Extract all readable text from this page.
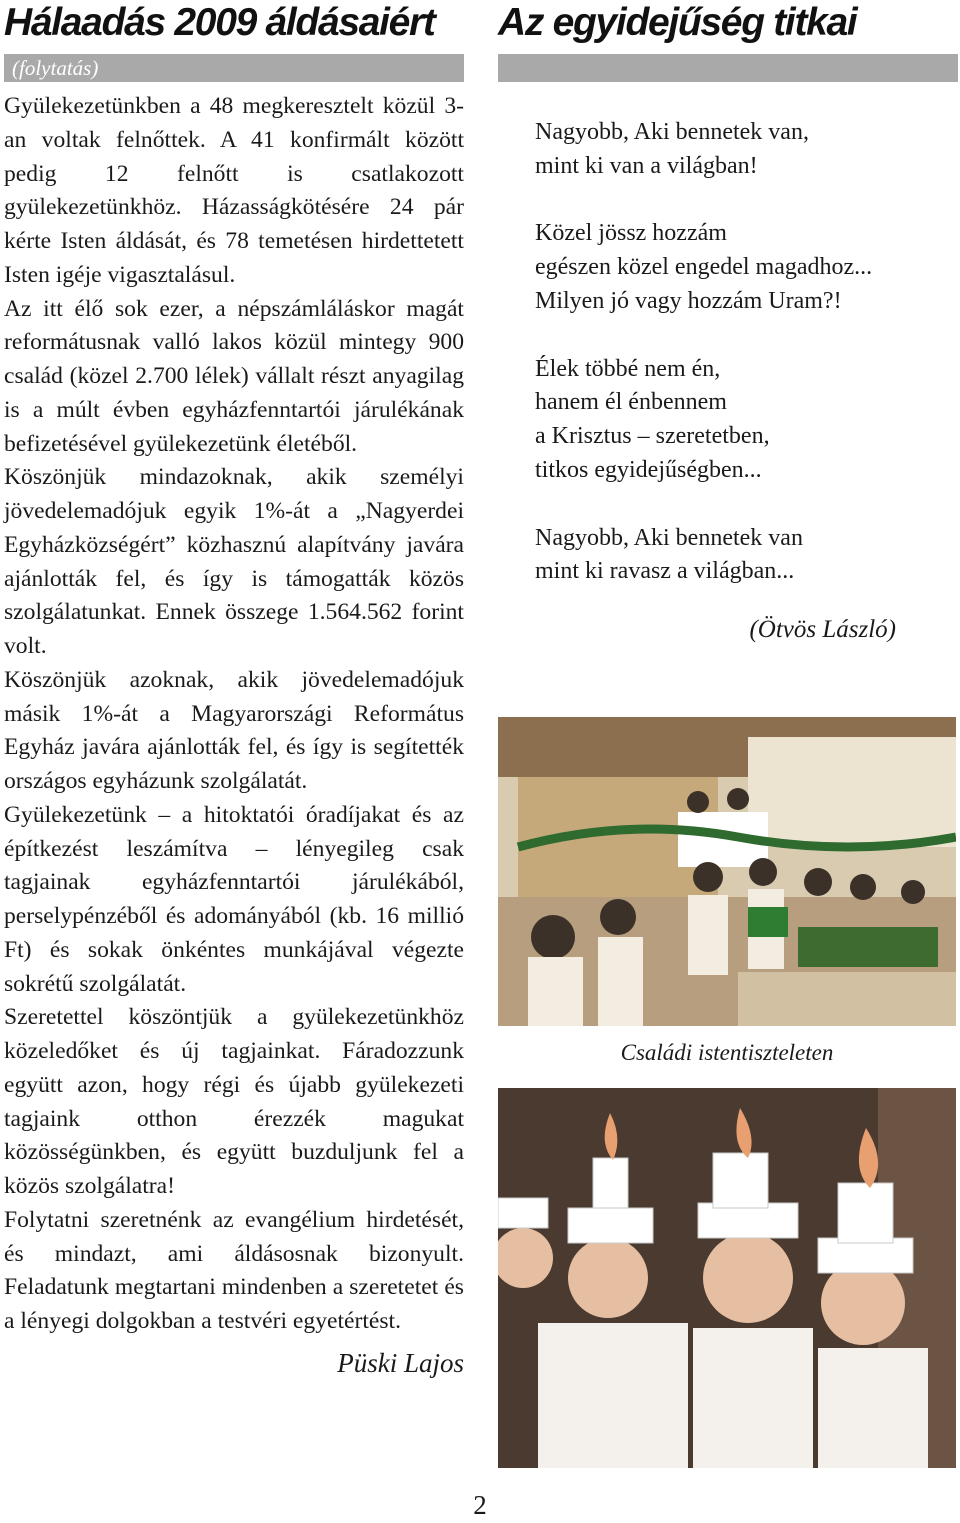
Hálaadás 2009 áldásaiért
(folytatás)

Gyülekezetünkben a 48 megkeresztelt közül 3-an voltak felnőttek. A 41 konfirmált között pedig 12 felnőtt is csatlakozott gyülekezetünkhöz. Házasságkötésére 24 pár kérte Isten áldását, és 78 temetésen hirdettetett Isten igéje vigasztalásul.

Az itt élő sok ezer, a népszámláláskor magát reformátusnak valló lakos közül mintegy 900 család (közel 2.700 lélek) vállalt részt anyagilag is a múlt évben egyházfenntartói járulékának befizetésével gyülekezetünk életéből.

Köszönjük mindazoknak, akik személyi jövedelemadójuk egyik 1%-át a „Nagyerdei Egyházközségért” közhasznú alapítvány javára ajánlották fel, és így is támogatták közös szolgálatunkat. Ennek összege 1.564.562 forint volt.

Köszönjük azoknak, akik jövedelemadójuk másik 1%-át a Magyarországi Református Egyház javára ajánlották fel, és így is segítették országos egyházunk szolgálatát.

Gyülekezetünk – a hitoktatói óradíjakat és az építkezést leszámítva – lényegileg csak tagjainak egyházfenntartói járulékából, perselypénzéből és adományából (kb. 16 millió Ft) és sokak önkéntes munkájával végezte sokrétű szolgálatát.

Szeretettel köszöntjük a gyülekezetünkhöz közeledőket és új tagjainkat. Fáradozzunk együtt azon, hogy régi és újabb gyülekezeti tagjaink otthon érezzék magukat közösségünkben, és együtt buzduljunk fel a közös szolgálatra!

Folytatni szeretnénk az evangélium hirdetését, és mindazt, ami áldásosnak bizonyult. Feladatunk megtartani mindenben a szeretetet és a lényegi dolgokban a testvéri egyetértést.

Püski Lajos
Az egyidejűség titkai
Nagyobb, Aki bennetek van,
mint ki van a világban!
Közel jössz hozzám
egészen közel engedel magadhoz...
Milyen jó vagy hozzám Uram?!
Élek többé nem én,
hanem él énbennem
a Krisztus – szeretetben,
titkos egyidejűségben...
Nagyobb, Aki bennetek van
mint ki ravasz a világban...
(Ötvös László)
Családi istentiszteleten
2
